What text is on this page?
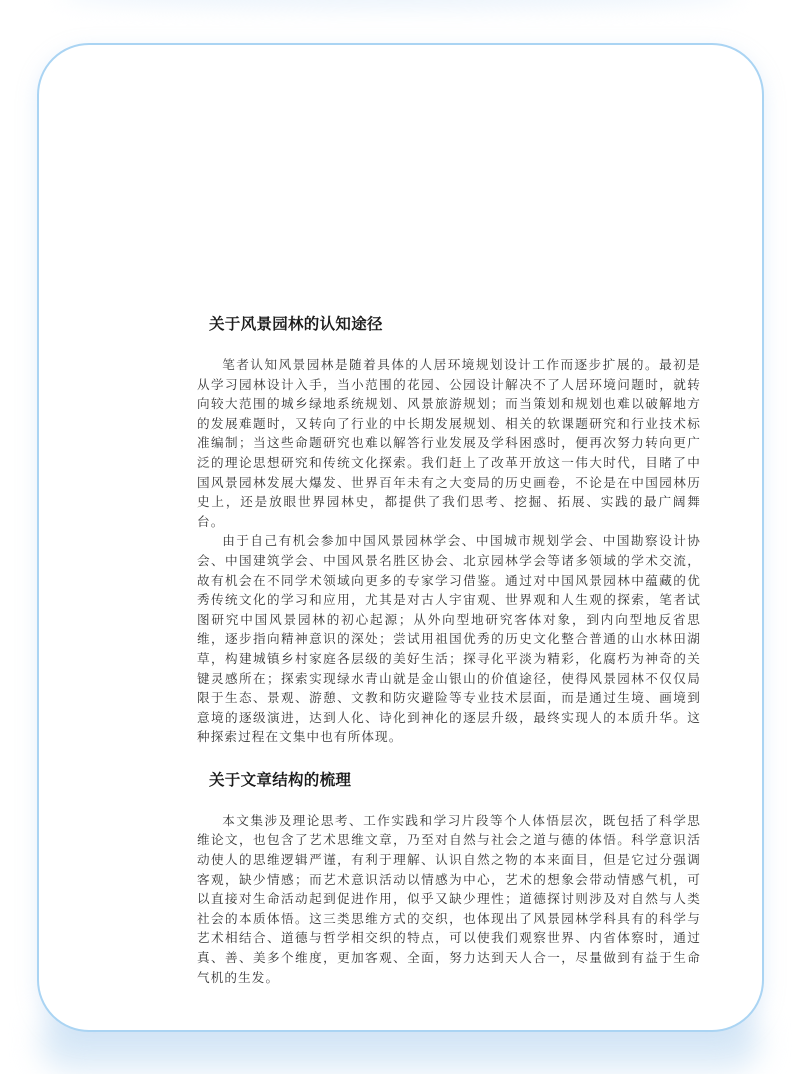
关于风景园林的认知途径

笔者认知风景园林是随着具体的人居环境规划设计工作而逐步扩展的。最初是从学习园林设计入手，当小范围的花园、公园设计解决不了人居环境问题时，就转向较大范围的城乡绿地系统规划、风景旅游规划；而当策划和规划也难以破解地方的发展难题时，又转向了行业的中长期发展规划、相关的软课题研究和行业技术标准编制；当这些命题研究也难以解答行业发展及学科困惑时，便再次努力转向更广泛的理论思想研究和传统文化探索。我们赶上了改革开放这一伟大时代，目睹了中国风景园林发展大爆发、世界百年未有之大变局的历史画卷，不论是在中国园林历史上，还是放眼世界园林史，都提供了我们思考、挖掘、拓展、实践的最广阔舞台。

由于自己有机会参加中国风景园林学会、中国城市规划学会、中国勘察设计协会、中国建筑学会、中国风景名胜区协会、北京园林学会等诸多领域的学术交流，故有机会在不同学术领域向更多的专家学习借鉴。通过对中国风景园林中蕴藏的优秀传统文化的学习和应用，尤其是对古人宇宙观、世界观和人生观的探索，笔者试图研究中国风景园林的初心起源；从外向型地研究客体对象，到内向型地反省思维，逐步指向精神意识的深处；尝试用祖国优秀的历史文化整合普通的山水林田湖草，构建城镇乡村家庭各层级的美好生活；探寻化平淡为精彩，化腐朽为神奇的关键灵感所在；探索实现绿水青山就是金山银山的价值途径，使得风景园林不仅仅局限于生态、景观、游憩、文教和防灾避险等专业技术层面，而是通过生境、画境到意境的逐级演进，达到人化、诗化到神化的逐层升级，最终实现人的本质升华。这种探索过程在文集中也有所体现。

关于文章结构的梳理

本文集涉及理论思考、工作实践和学习片段等个人体悟层次，既包括了科学思维论文，也包含了艺术思维文章，乃至对自然与社会之道与德的体悟。科学意识活动使人的思维逻辑严谨，有利于理解、认识自然之物的本来面目，但是它过分强调客观，缺少情感；而艺术意识活动以情感为中心，艺术的想象会带动情感气机，可以直接对生命活动起到促进作用，似乎又缺少理性；道德探讨则涉及对自然与人类社会的本质体悟。这三类思维方式的交织，也体现出了风景园林学科具有的科学与艺术相结合、道德与哲学相交织的特点，可以使我们观察世界、内省体察时，通过真、善、美多个维度，更加客观、全面，努力达到天人合一，尽量做到有益于生命气机的生发。
